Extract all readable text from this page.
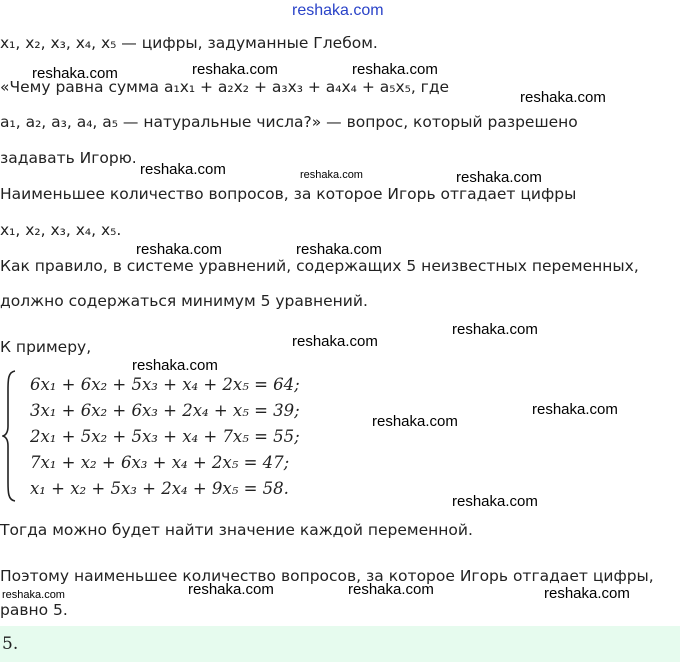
reshaka.com
reshaka.com	reshaka.com	reshaka.com
reshaka.com
reshaka.com	reshaka.com	reshaka.com
reshaka.com	reshaka.com
reshaka.com
reshaka.com
reshaka.com
reshaka.com
reshaka.com
reshaka.com
reshaka.com	reshaka.com	reshaka.com	reshaka.com
x₁, x₂, x₃, x₄, x₅ — цифры, задуманные Глебом.
«Чему равна сумма a₁x₁ + a₂x₂ + a₃x₃ + a₄x₄ + a₅x₅, где
a₁, a₂, a₃, a₄, a₅ — натуральные числа?» — вопрос, который разрешено
задавать Игорю.
Наименьшее количество вопросов, за которое Игорь отгадает цифры
x₁, x₂, x₃, x₄, x₅.
Как правило, в системе уравнений, содержащих 5 неизвестных переменных,
должно содержаться минимум 5 уравнений.
К примеру,
6x₁ + 6x₂ + 5x₃ + x₄ + 2x₅ = 64;
3x₁ + 6x₂ + 6x₃ + 2x₄ + x₅ = 39;
2x₁ + 5x₂ + 5x₃ + x₄ + 7x₅ = 55;
7x₁ + x₂ + 6x₃ + x₄ + 2x₅ = 47;
x₁ + x₂ + 5x₃ + 2x₄ + 9x₅ = 58.
Тогда можно будет найти значение каждой переменной.
Поэтому наименьшее количество вопросов, за которое Игорь отгадает цифры,
равно 5.
5.
